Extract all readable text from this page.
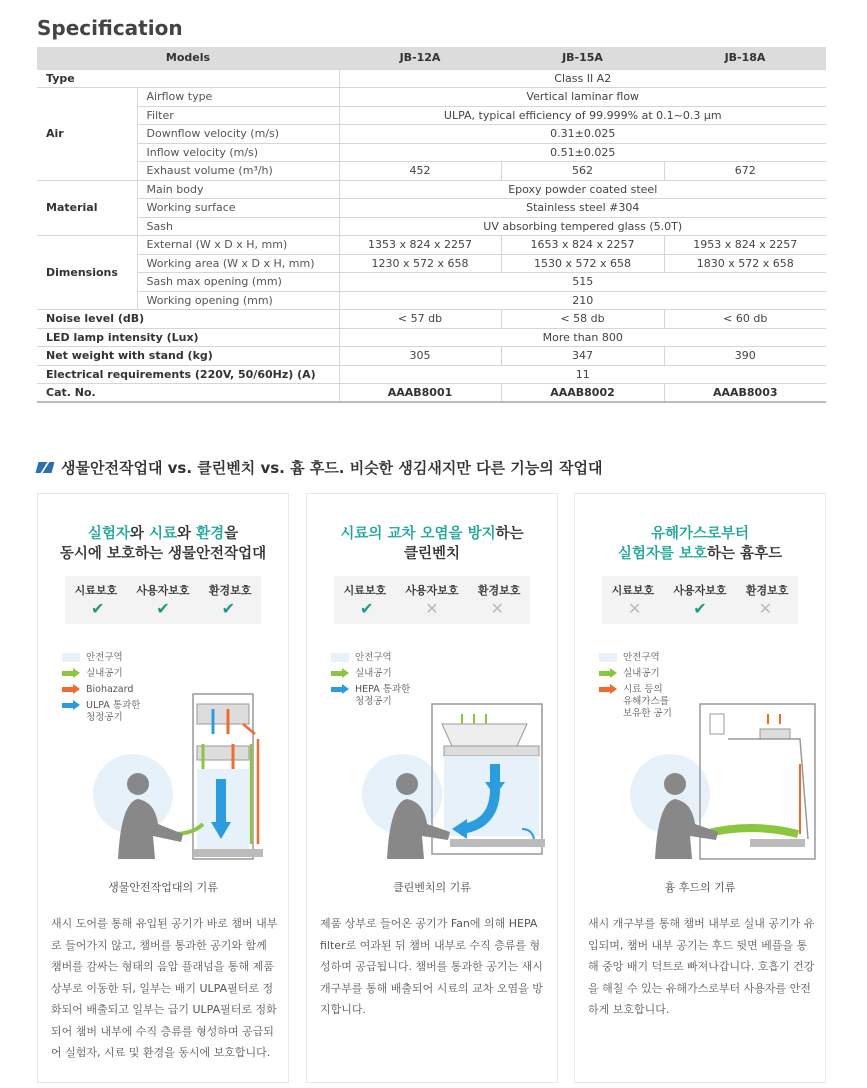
Specification
Models		JB-12A	JB-15A	JB-18A
Type		Class II A2		
Air	Airflow type	Vertical laminar flow		
	Filter	ULPA, typical efficiency of 99.999% at 0.1~0.3 μm		
	Downflow velocity (m/s)	0.31±0.025		
	Inflow velocity (m/s)	0.51±0.025		
	Exhaust volume (m³/h)	452	562	672
Material	Main body	Epoxy powder coated steel		
	Working surface	Stainless steel #304		
	Sash	UV absorbing tempered glass (5.0T)		
Dimensions	External (W x D x H, mm)	1353 x 824 x 2257	1653 x 824 x 2257	1953 x 824 x 2257
	Working area (W x D x H, mm)	1230 x 572 x 658	1530 x 572 x 658	1830 x 572 x 658
	Sash max opening (mm)	515		
	Working opening (mm)	210		
Noise level (dB)		< 57 db	< 58 db	< 60 db
LED lamp intensity (Lux)		More than 800		
Net weight with stand (kg)		305	347	390
Electrical requirements (220V, 50/60Hz) (A)		11		
Cat. No.		AAAB8001	AAAB8002	AAAB8003
생물안전작업대 vs. 클린벤치 vs. 흄 후드. 비슷한 생김새지만 다른 기능의 작업대
실험자와 시료와 환경을
동시에 보호하는 생물안전작업대
시료보호 사용자보호 환경보호
✔	✔	✔
안전구역
실내공기
Biohazard
ULPA 통과한
청정공기
생물안전작업대의 기류
새시 도어를 통해 유입된 공기가 바로 챔버 내부로 들어가지 않고, 챔버를 통과한 공기와 함께 챔버를 감싸는 형태의 음압 플래넘을 통해 제품 상부로 이동한 뒤, 일부는 배기 ULPA필터로 정화되어 배출되고 일부는 급기 ULPA필터로 정화되어 챔버 내부에 수직 층류를 형성하며 공급되어 실험자, 시료 및 환경을 동시에 보호합니다.
시료의 교차 오염을 방지하는
클린벤치
시료보호 사용자보호 환경보호
✔	✕	✕
안전구역
실내공기
HEPA 통과한
청정공기
클린벤치의 기류
제품 상부로 들어온 공기가 Fan에 의해 HEPA filter로 여과된 뒤 챔버 내부로 수직 층류를 형성하며 공급됩니다. 챔버를 통과한 공기는 새시 개구부를 통해 배출되어 시료의 교차 오염을 방지합니다.
유해가스로부터
실험자를 보호하는 흄후드
시료보호 사용자보호 환경보호
✕	✔	✕
안전구역
실내공기
시료 등의
유해가스를
보유한 공기
흄 후드의 기류
새시 개구부를 통해 챔버 내부로 실내 공기가 유입되며, 챔버 내부 공기는 후드 뒷면 베플을 통해 중앙 배기 덕트로 빠져나갑니다. 호흡기 건강을 해칠 수 있는 유해가스로부터 사용자를 안전하게 보호합니다.
